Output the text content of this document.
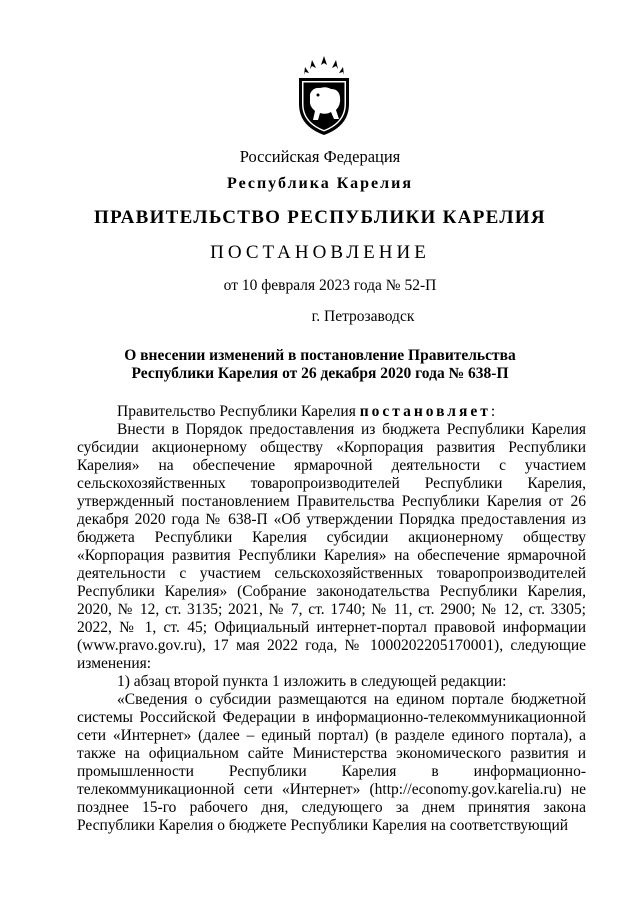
Российская Федерация
Республика Карелия
ПРАВИТЕЛЬСТВО РЕСПУБЛИКИ КАРЕЛИЯ
ПОСТАНОВЛЕНИЕ
от 10 февраля 2023 года № 52-П
г. Петрозаводск
О внесении изменений в постановление Правительства
Республики Карелия от 26 декабря 2020 года № 638-П

Правительство Республики Карелия постановляет:

Внести в Порядок предоставления из бюджета Республики Карелия субсидии акционерному обществу «Корпорация развития Республики Карелия» на обеспечение ярмарочной деятельности с участием сельскохозяйственных товаропроизводителей Республики Карелия, утвержденный постановлением Правительства Республики Карелия от 26 декабря 2020 года № 638-П «Об утверждении Порядка предоставления из бюджета Республики Карелия субсидии акционерному обществу «Корпорация развития Республики Карелия» на обеспечение ярмарочной деятельности с участием сельскохозяйственных товаропроизводителей Республики Карелия» (Собрание законодательства Республики Карелия, 2020, № 12, ст. 3135; 2021, № 7, ст. 1740; № 11, ст. 2900; № 12, ст. 3305; 2022, № 1, ст. 45; Официальный интернет-портал правовой информации (www.pravo.gov.ru), 17 мая 2022 года, № 1000202205170001), следующие изменения:

1) абзац второй пункта 1 изложить в следующей редакции:

«Сведения о субсидии размещаются на едином портале бюджетной системы Российской Федерации в информационно-телекоммуникационной сети «Интернет» (далее – единый портал) (в разделе единого портала), а также на официальном сайте Министерства экономического развития и промышленности Республики Карелия в информационно-телекоммуникационной сети «Интернет» (http://economy.gov.karelia.ru) не позднее 15-го рабочего дня, следующего за днем принятия закона Республики Карелия о бюджете Республики Карелия на соответствующий
